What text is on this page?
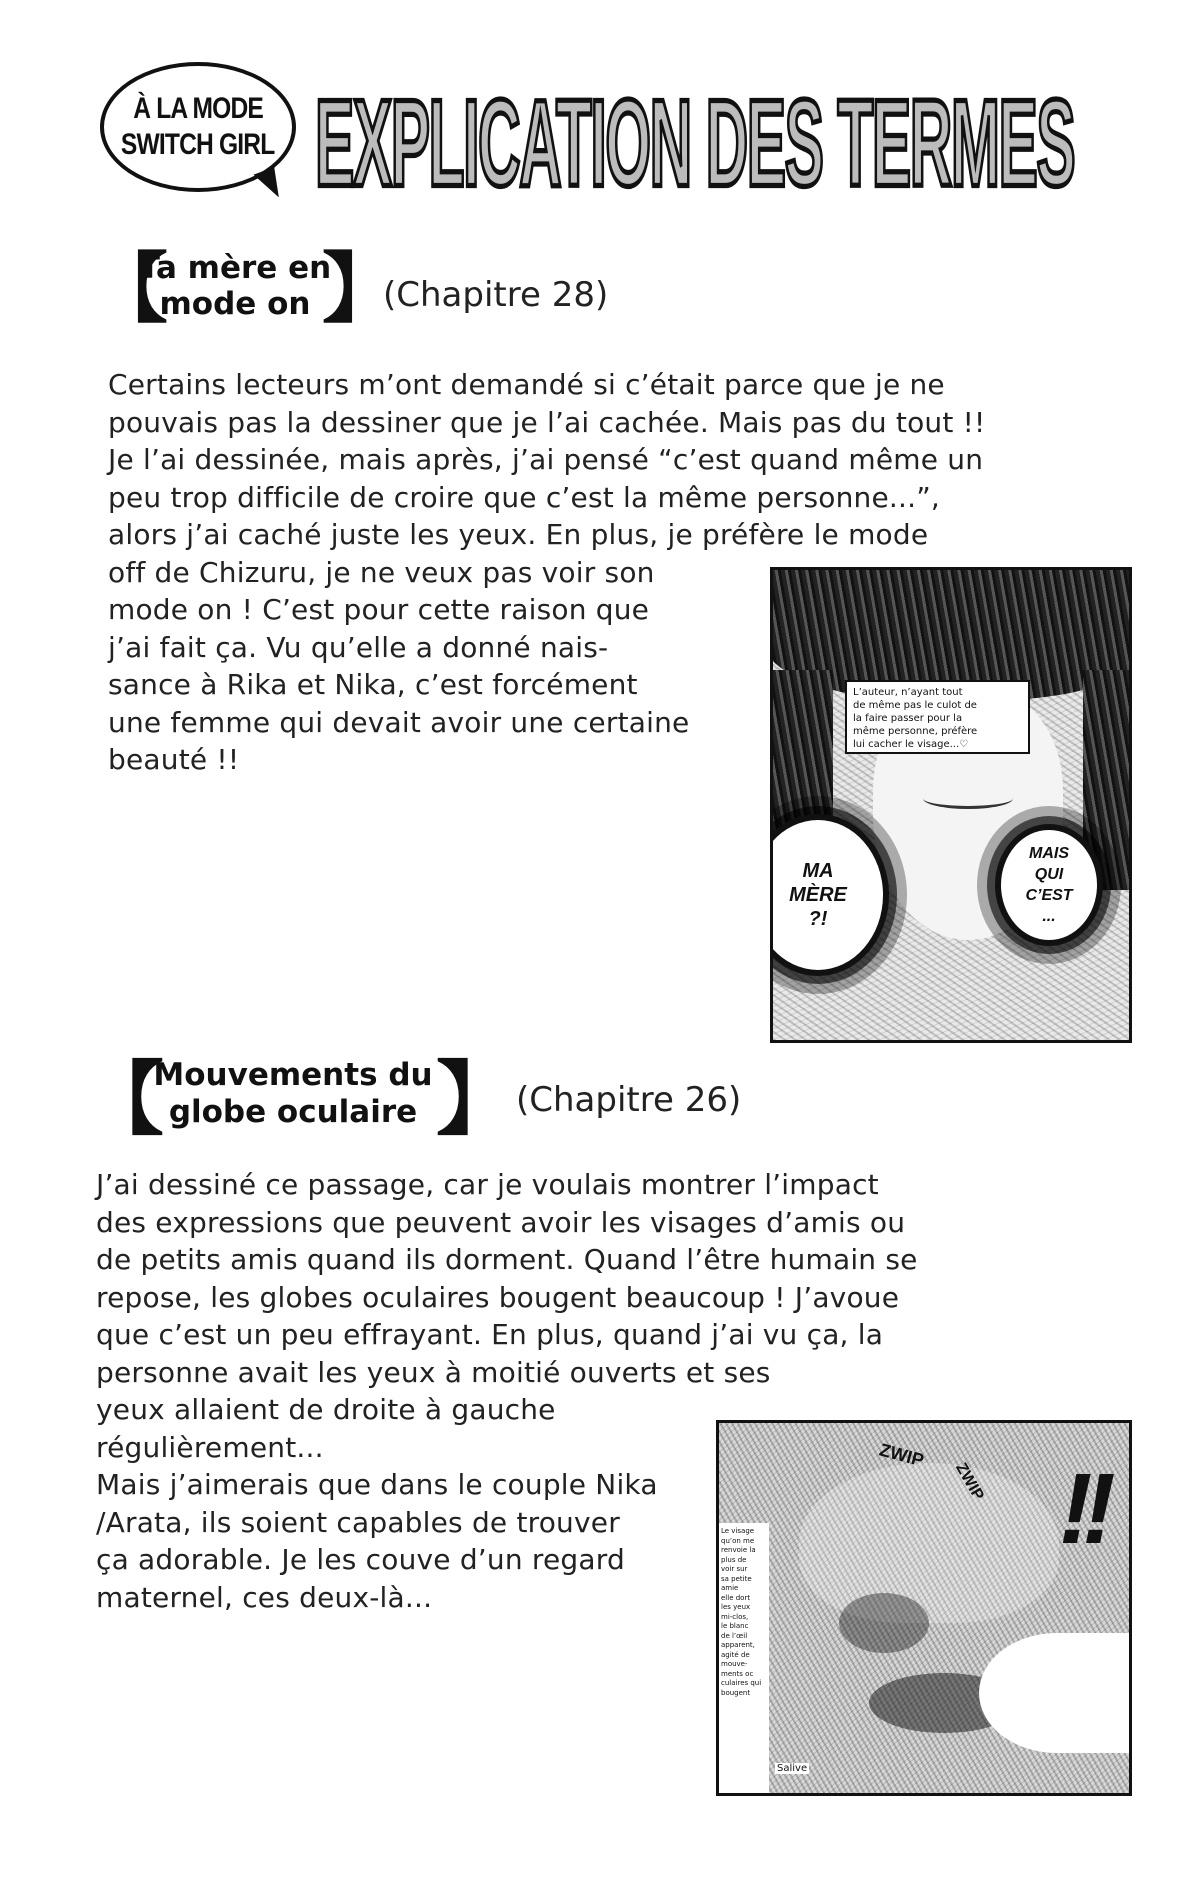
À LA MODE
SWITCH GIRL EXPLICATION DES TERMES
【
Ta mère en
mode on 】
(Chapitre 28)

Certains lecteurs m’ont demandé si c’était parce que je ne

pouvais pas la dessiner que je l’ai cachée. Mais pas du tout !!

Je l’ai dessinée, mais après, j’ai pensé “c’est quand même un

peu trop difficile de croire que c’est la même personne...”,

alors j’ai caché juste les yeux. En plus, je préfère le mode

off de Chizuru, je ne veux pas voir son

mode on ! C’est pour cette raison que

j’ai fait ça. Vu qu’elle a donné nais-

sance à Rika et Nika, c’est forcément

une femme qui devait avoir une certaine

beauté !!

L’auteur, n’ayant tout
de même pas le culot de
la faire passer pour la
même personne, préfère
lui cacher le visage...♡
MA
MÈRE
?!
MAIS
QUI
C’EST
...
【
Mouvements du
globe oculaire 】 (Chapitre 26)

J’ai dessiné ce passage, car je voulais montrer l’impact

des expressions que peuvent avoir les visages d’amis ou

de petits amis quand ils dorment. Quand l’être humain se

repose, les globes oculaires bougent beaucoup ! J’avoue

que c’est un peu effrayant. En plus, quand j’ai vu ça, la

personne avait les yeux à moitié ouverts et ses

yeux allaient de droite à gauche

régulièrement...

Mais j’aimerais que dans le couple Nika

/Arata, ils soient capables de trouver

ça adorable. Je les couve d’un regard

maternel, ces deux-là...

ZWIP
ZWIP !!
Le visage
qu’on me
renvoie la
plus de
voir sur
sa petite
amie
elle dort
les yeux
mi-clos,
le blanc
de l’œil
apparent,
agité de
mouve-
ments oc
culaires qui
bougent
Salive
